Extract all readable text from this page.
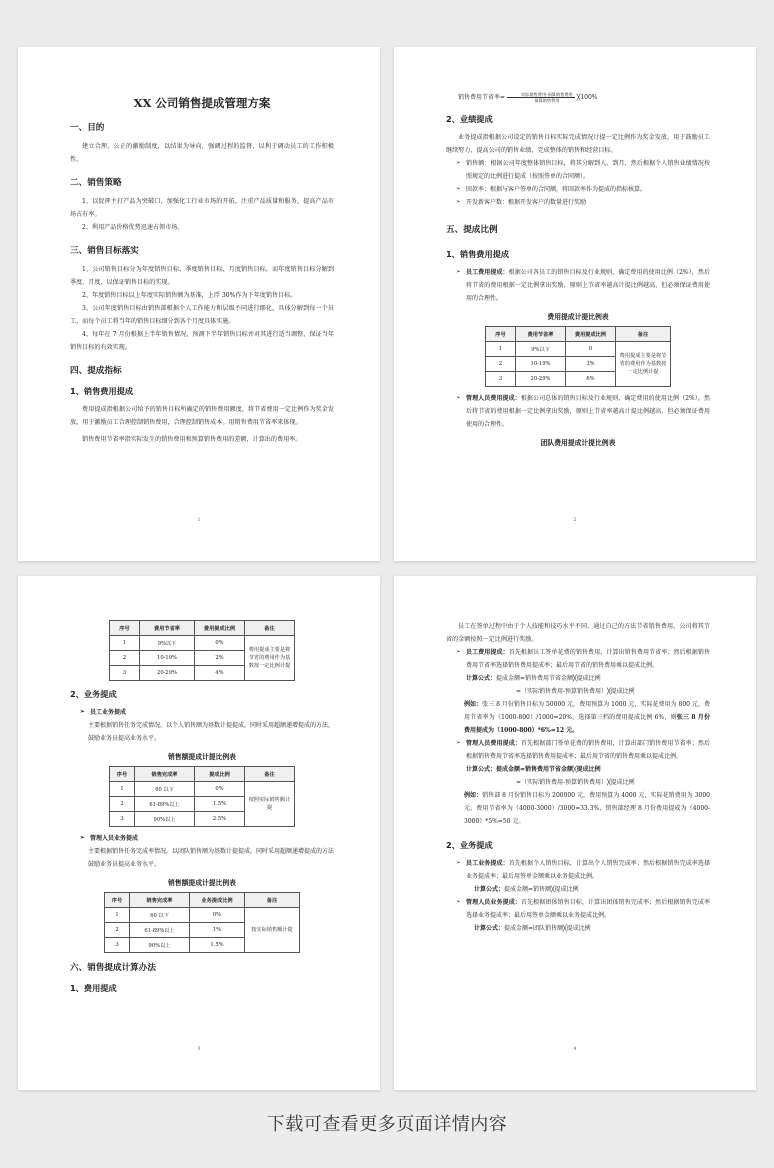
XX 公司销售提成管理方案
一、目的

建立合理、公正的激励制度，以结果为导向，强调过程的监督，以利于调动员工的工作积极性。

二、销售策略

1、以促挥主打产品为突破口，加强化工行业市场的开拓，注重产品质量和服务，提高产品市场占有率。

2、利用产品价格优势迅速占领市场。

三、销售目标落实

1、公司销售目标分为年度销售目标、季度销售目标、月度销售目标，而年度销售目标分解到季度、月度，以保证销售目标的实现。

2、年度销售目标以上年度实际销售额为基准，上浮 30%作为下年度销售目标。

3、公司年度销售目标由销售部根据个人工作能力和层级不同进行细化，具体分解到每一个员工，而每个员工将当年的销售目标细分到各个月度具体实施。

4、每年在 7 月份根据上半年销售情况，预测下半年销售目标并对其进行适当调整，保证当年销售目标的有效实现。

四、提成指标
1、销售费用提成

费用提成指根据公司给予的销售目标所确定的销售费用额度，将节省费用一定比例作为奖金发放，用于激励员工合理控制销售费用，合理控制销售成本。用销售费用节省率来体现。

销售费用节省率指实际发生的销售费用和预算销售费用的差额，计算出的费用率。

1

销售费用节省率= $\frac{\text{实际销售费用-预算销售费用}}{\text{预算销售费用}}$ ╳100%

2、业绩提成

业务提成指根据公司设定的销售目标实际完成情况计提一定比例作为奖金发放，用于鼓励员工继续努力，提高公司的销售业绩，完成整体的销售和经营目标。

➢ 销售额：根据公司年度整体销售目标，将其分解到人、到月，然后根据个人销售业绩情况按照规定的比例进行提成（按照签单的合同额）。
➢ 回款率：根据与客户签单的合同额，将回款率作为提成的指标核算。
➢ 开发新客户数：根据开发客户的数量进行奖励
五、提成比例
1、销售费用提成
➢ 员工费用提成：根据公司各员工的销售目标及行业规则，确定费用的使用比例（2%），然后将节省的费用根据一定比例拿出奖励，原则上节省率越高计提比例越高，但必须保证费用使用的合理性。
费用提成计提比例表
序号	费用节省率	费用提成比例	备注
1	9%以下	0	费用提成主要是将节省的费用作为基数按一定比例计提
2	10-19%	3%	
3	20-29%	6%	
➢ 管理人员费用提成：根据公司总体的销售目标及行业规则，确定费用的使用比例（2%），然后将节省的费用根据一定比例拿出奖励，原则上节省率越高计提比例越高，但必须保证费用使用的合理性。
团队费用提成计提比例表
2
序号	费用节省率	费用提成比例	备注
1	9%以下	0%	费用提成主要是将节省的费用作为基数按一定比例计提
2	10-19%	2%	
3	20-29%	4%	
2、业务提成
➢ 员工业务提成

主要根据销售任务完成情况，以个人销售额为基数计提提成，同时采用超额递增提成的方法，鼓励业务员提高业务水平。

销售额提成计提比例表
序号	销售完成率	提成比例	备注
1	60 以下	0%	按照实际销售额计提
2	61-89%以上	1.5%	
3	90%以上	2.5%	
➢ 管理人员业务提成

主要根据销售任务完成率情况，以团队销售额为基数计提提成，同时采用超额递增提成的方法鼓励业务员提高业务水平。

销售额提成计提比例表
序号	销售完成率	业务提成比例	备注
1	60 以下	0%	按实际销售额计提
2	61-89%以上	1%	
3	90%以上	1.5%	
六、销售提成计算办法
1、费用提成
3

员工在签单过程中由于个人技能和技巧水平不同，通过自己的方法节省销售费用，公司将其节省的金额按照一定比例进行奖励。

➢ 员工费用提成：首先根据员工签单花费的销售费用，计算出销售费用节省率；然后根据销售费用节省率选择销售费用提成率；最后用节省的销售费用乘以提成比例。

计算公式：提成金额=销售费用节省金额╳提成比例

=（实际销售费用-预算销售费用）╳提成比例

例如：张三 8 月份销售目标为 50000 元，费用预算为 1000 元，实际花费用为 800 元，费用节省率为（1000-800）/1000=20%，选择第三档的费用提成比例 6%，则张三 8 月份费用提成为（1000-800）*6%=12 元。

➢ 管理人员费用提成：首先根据部门签单花费的销售费用，计算出部门销售费用节省率；然后根据销售费用节省率选择销售费用提成率；最后用节省的销售费用乘以提成比例。

计算公式：提成金额=销售费用节省金额╳提成比例

=（实际销售费用-预算销售费用）╳提成比例

例如：销售部 8 月份销售目标为 200000 元，费用预算为 4000 元，实际花销费用为 3000 元，费用节省率为（4000-3000）/3000=33.3%，销售部经理 8 月份费用提成为（4000-3000）*5%=50 元。

2、业务提成
➢ 员工业务提成：首先根据个人销售目标，计算出个人销售完成率；然后根据销售完成率选择业务提成率；最后用签单金额乘以业务提成比例。

计算公式：提成金额=销售额╳提成比例

➢ 管理人员业务提成：首先根据团体销售目标，计算出团体销售完成率；然后根据销售完成率选择业务提成率；最后用签单金额乘以业务提成比例。

计算公式：提成金额=团队销售额╳提成比例

4
下载可查看更多页面详情内容
